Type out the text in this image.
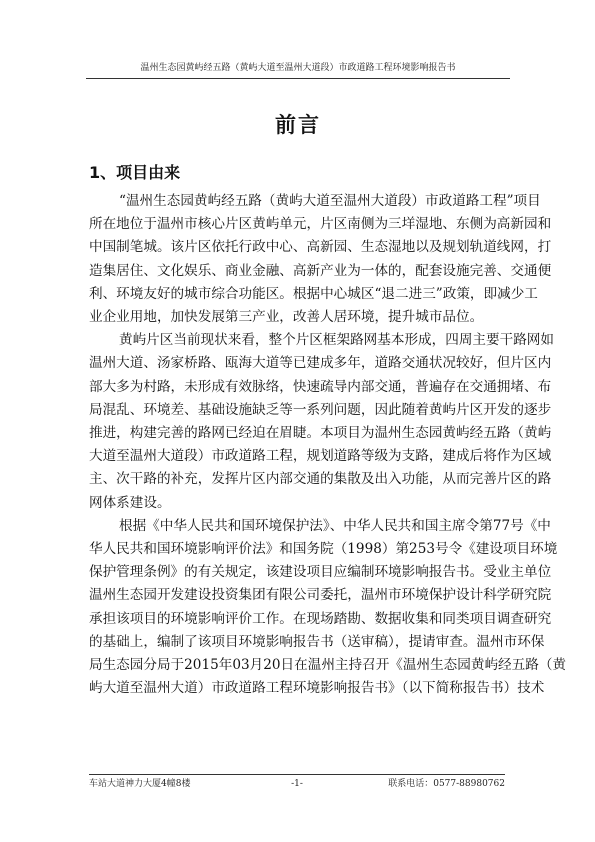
温州生态园黄屿经五路（黄屿大道至温州大道段）市政道路工程环境影响报告书
前言
1、项目由来

“温州生态园黄屿经五路（黄屿大道至温州大道段）市政道路工程”项目
所在地位于温州市核心片区黄屿单元，片区南侧为三垟湿地、东侧为高新园和
中国制笔城。该片区依托行政中心、高新园、生态湿地以及规划轨道线网，打
造集居住、文化娱乐、商业金融、高新产业为一体的，配套设施完善、交通便
利、环境友好的城市综合功能区。根据中心城区“退二进三”政策，即减少工
业企业用地，加快发展第三产业，改善人居环境，提升城市品位。

黄屿片区当前现状来看，整个片区框架路网基本形成，四周主要干路网如
温州大道、汤家桥路、瓯海大道等已建成多年，道路交通状况较好，但片区内
部大多为村路，未形成有效脉络，快速疏导内部交通，普遍存在交通拥堵、布
局混乱、环境差、基础设施缺乏等一系列问题，因此随着黄屿片区开发的逐步
推进，构建完善的路网已经迫在眉睫。本项目为温州生态园黄屿经五路（黄屿
大道至温州大道段）市政道路工程，规划道路等级为支路，建成后将作为区域
主、次干路的补充，发挥片区内部交通的集散及出入功能，从而完善片区的路
网体系建设。

根据《中华人民共和国环境保护法》、中华人民共和国主席令第77号《中
华人民共和国环境影响评价法》和国务院（1998）第253号令《建设项目环境
保护管理条例》的有关规定，该建设项目应编制环境影响报告书。受业主单位
温州生态园开发建设投资集团有限公司委托，温州市环境保护设计科学研究院
承担该项目的环境影响评价工作。在现场踏勘、数据收集和同类项目调查研究
的基础上，编制了该项目环境影响报告书（送审稿），提请审查。温州市环保
局生态园分局于2015年03月20日在温州主持召开《温州生态园黄屿经五路（黄
屿大道至温州大道）市政道路工程环境影响报告书》（以下简称报告书）技术

车站大道神力大厦4幢8楼	-1-	联系电话：0577-88980762
